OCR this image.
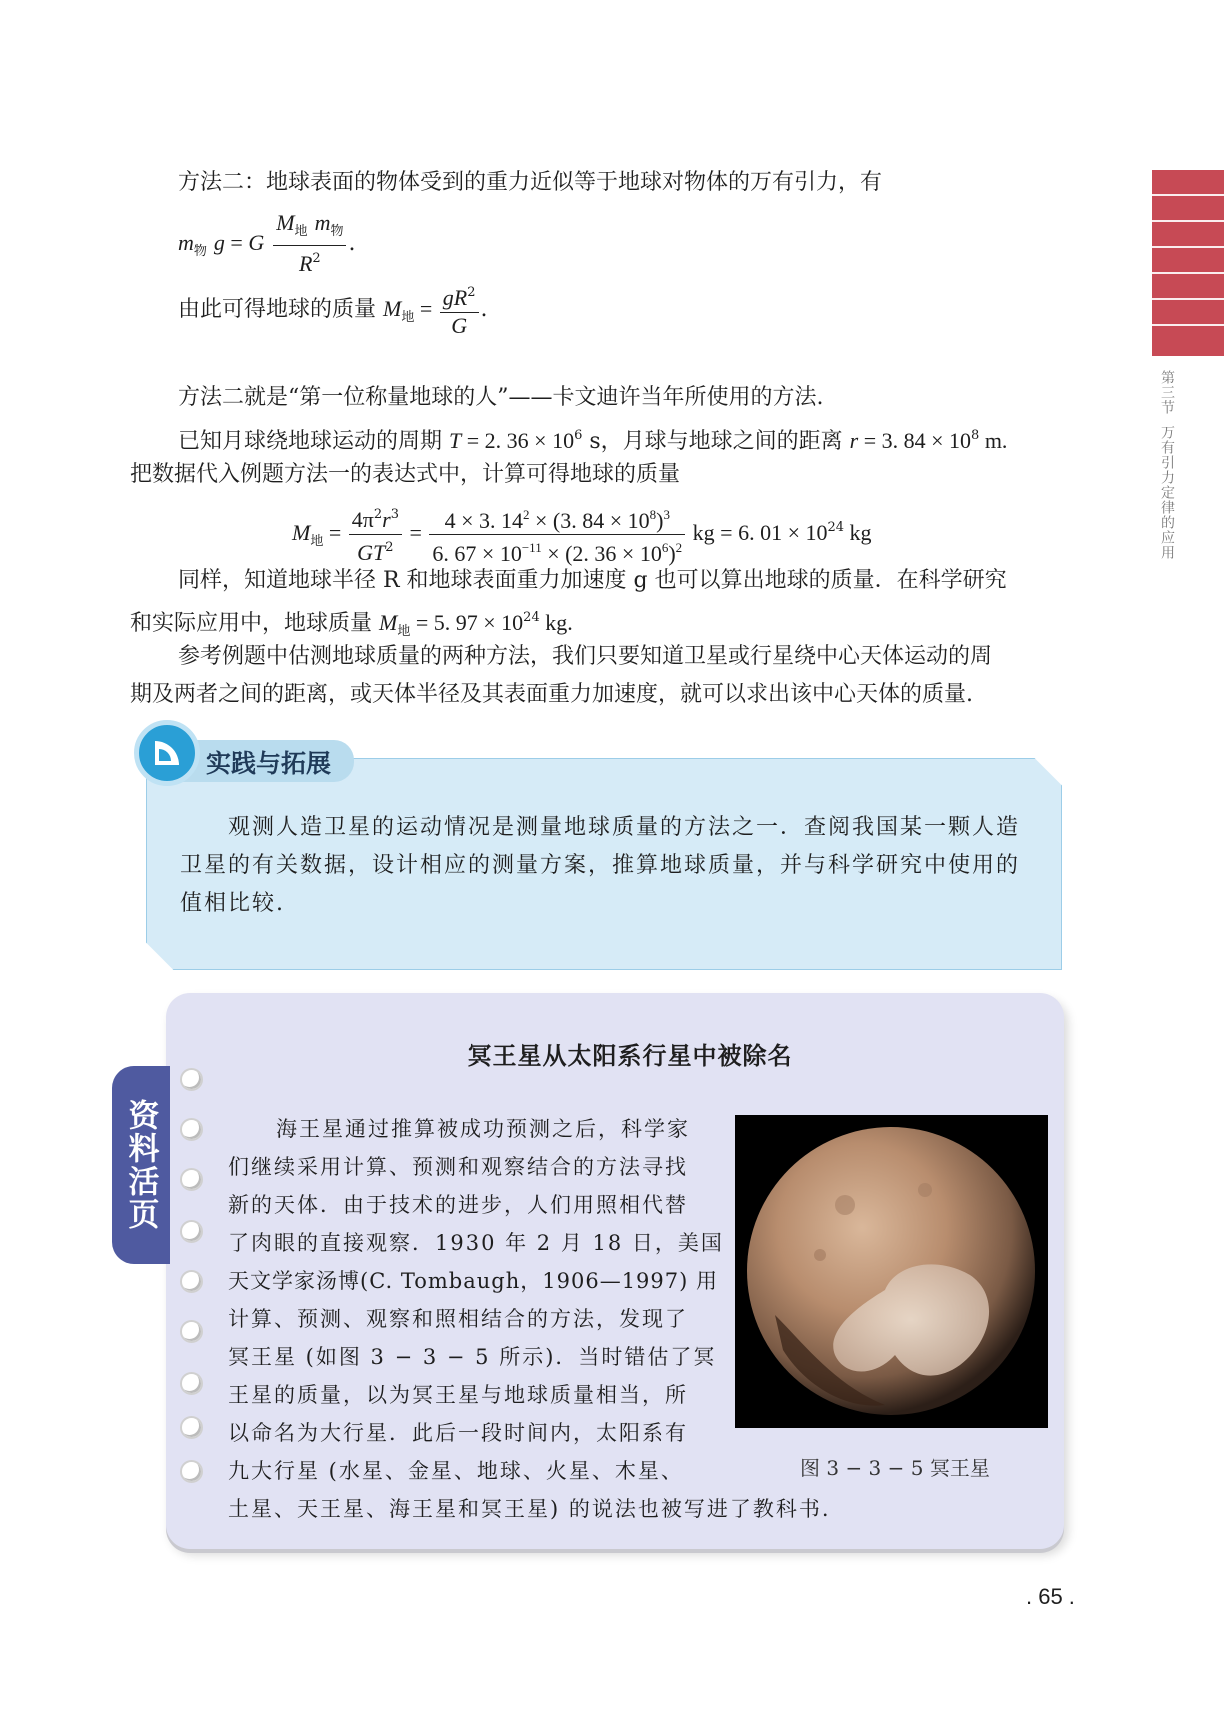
第三节
万有引力定律的应用
方法二：地球表面的物体受到的重力近似等于地球对物体的万有引力，有
$m_物$ g = G $\frac{M_地 m_物}{R^2}$ .
由此可得地球的质量 $M_地 = \frac{gR^2}{G}$ .
方法二就是“第一位称量地球的人”——卡文迪许当年所使用的方法.
已知月球绕地球运动的周期 T = 2. $36 \times 10^6$ s，月球与地球之间的距离 r = 3. $84 \times 10^8$ m.
把数据代入例题方法一的表达式中，计算可得地球的质量
$M_地 = \frac{4\pi^2r^3}{GT^2} = \frac{4 \times 3. 14^2 \times (3. 84 \times 10^8)^3}{6. 67 \times 10^{-11} \times (2. 36 \times 10^6)^2}$ kg = 6. $01 \times 10^{24}$ kg
同样，知道地球半径 R 和地球表面重力加速度 g 也可以算出地球的质量．在科学研究
和实际应用中，地球质量 $M_地 = 5$. $97 \times 10^{24}$ kg.
参考例题中估测地球质量的两种方法，我们只要知道卫星或行星绕中心天体运动的周
期及两者之间的距离，或天体半径及其表面重力加速度，就可以求出该中心天体的质量.
实践与拓展
观测人造卫星的运动情况是测量地球质量的方法之一．查阅我国某一颗人造
卫星的有关数据，设计相应的测量方案，推算地球质量，并与科学研究中使用的
值相比较.
资料活页
冥王星从太阳系行星中被除名
海王星通过推算被成功预测之后，科学家
们继续采用计算、预测和观察结合的方法寻找
新的天体．由于技术的进步，人们用照相代替
了肉眼的直接观察．1930 年 2 月 18 日，美国
天文学家汤博(C. Tombaugh，1906—1997) 用
计算、预测、观察和照相结合的方法，发现了
冥王星 (如图 3 − 3 − 5 所示)．当时错估了冥
王星的质量，以为冥王星与地球质量相当，所
以命名为大行星．此后一段时间内，太阳系有
九大行星 (水星、金星、地球、火星、木星、
土星、天王星、海王星和冥王星) 的说法也被写进了教科书.
图 3 − 3 − 5 冥王星
. 65 .
